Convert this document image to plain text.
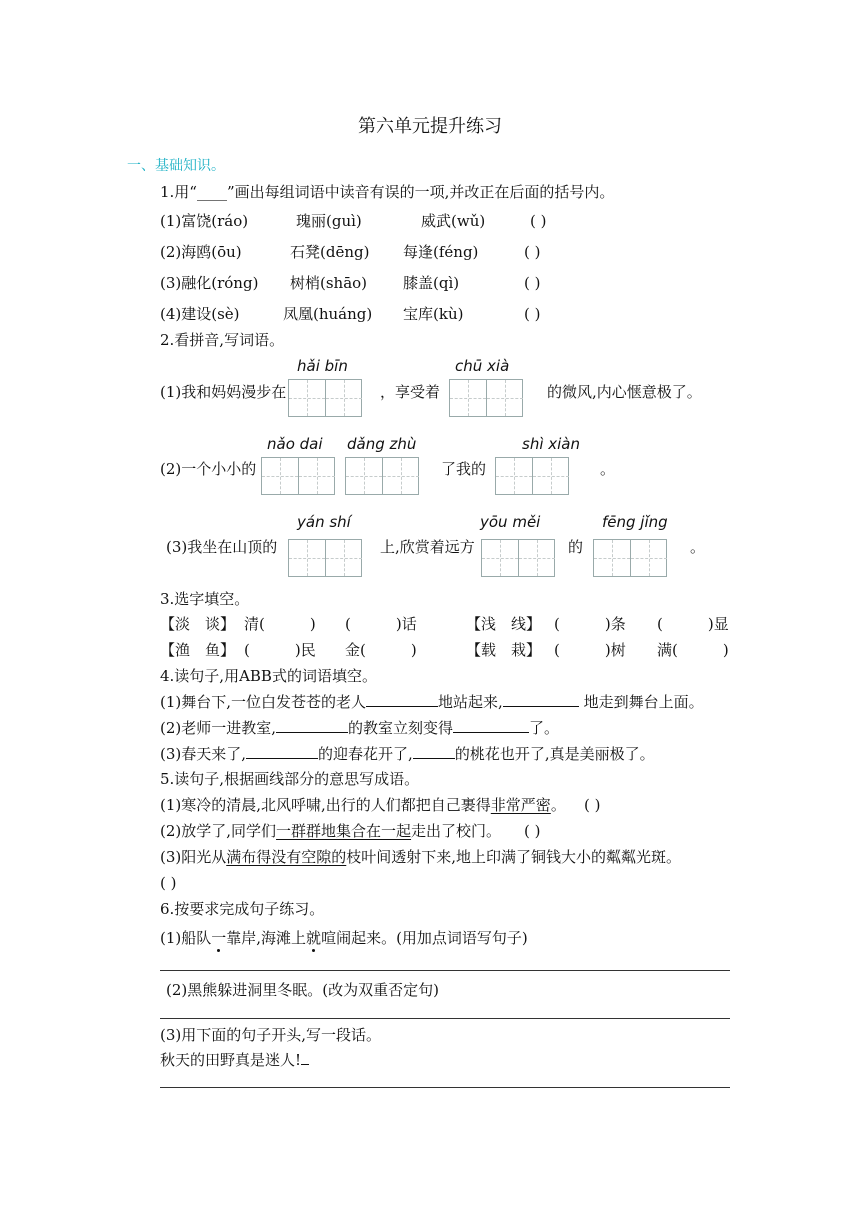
第六单元提升练习
一、基础知识。
1.用“____”画出每组词语中读音有误的一项,并改正在后面的括号内。
(1)富饶(ráo)	瑰丽(guì)	威武(wǔ)	( )
(2)海鸥(ōu)	石凳(dēng) 每逢(féng)	( )
(3)融化(róng) 树梢(shāo) 膝盖(qì)	( )
(4)建设(sè)	凤凰(huáng) 宝库(kù)	( )
2.看拼音,写词语。
hǎi bīn	chū xià
(1)我和妈妈漫步在	，享受着	的微风,内心惬意极了。
nǎo dai dǎng zhù	shì xiàn
(2)一个小小的	了我的	。
yán shí	yōu měi	fēng jǐng
(3)我坐在山顶的	上,欣赏着远方	的	。
3.选字填空。
【淡　谈】 清(　　　) (　　　)话	【浅　线】 (　　　)条 (　　　)显
【渔　鱼】 (　　　)民 金(　　　)	【载　栽】 (　　　)树 满(　　　)
4.读句子,用ABB式的词语填空。
(1)舞台下,一位白发苍苍的老人	地站起来,	地走到舞台上面。
(2)老师一进教室,	的教室立刻变得	了。
(3)春天来了,	的迎春花开了,	的桃花也开了,真是美丽极了。
5.读句子,根据画线部分的意思写成语。
(1)寒冷的清晨,北风呼啸,出行的人们都把自己裹得非常严密。 ( )
(2)放学了,同学们一群群地集合在一起走出了校门。 ( )
(3)阳光从满布得没有空隙的枝叶间透射下来,地上印满了铜钱大小的粼粼光斑。
( )
6.按要求完成句子练习。
(1)船队一靠岸,海滩上就喧闹起来。(用加点词语写句子)
(2)黑熊躲进洞里冬眠。(改为双重否定句)
(3)用下面的句子开头,写一段话。
秋天的田野真是迷人!
